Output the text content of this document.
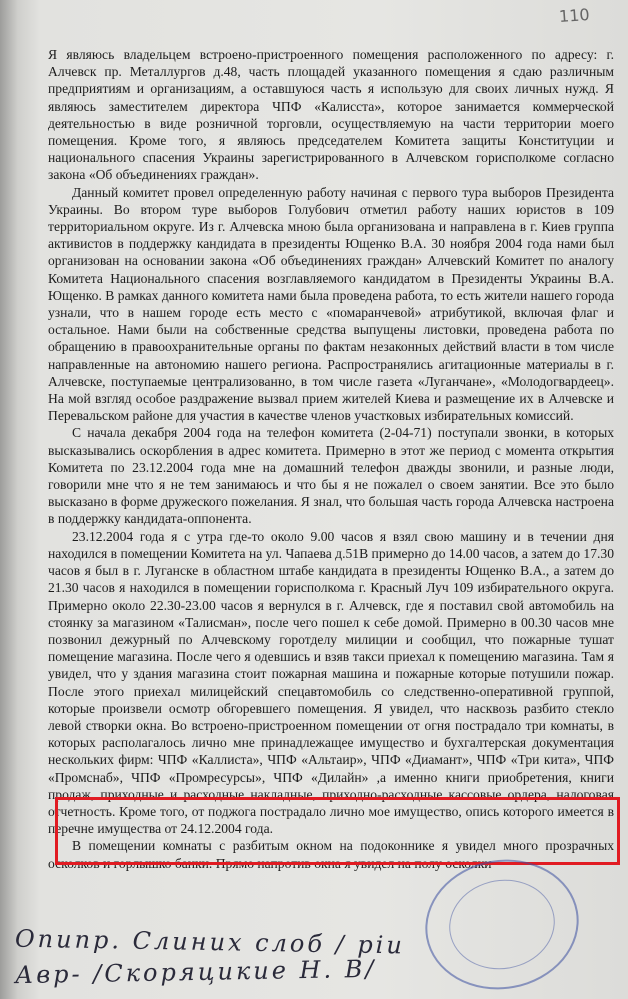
110

Я являюсь владельцем встроено-пристроенного помещения расположенного по адресу: г. Алчевск пр. Металлургов д.48, часть площадей указанного помещения я сдаю различным предприятиям и организациям, а оставшуюся часть я использую для своих личных нужд. Я являюсь заместителем директора ЧПФ «Калисста», которое занимается коммерческой деятельностью в виде розничной торговли, осуществляемую на части территории моего помещения. Кроме того, я являюсь председателем Комитета защиты Конституции и национального спасения Украины зарегистрированного в Алчевском горисполкоме согласно закона «Об объединениях граждан».

Данный комитет провел определенную работу начиная с первого тура выборов Президента Украины. Во втором туре выборов Голубович отметил работу наших юристов в 109 территориальном округе. Из г. Алчевска мною была организована и направлена в г. Киев группа активистов в поддержку кандидата в президенты Ющенко В.А. 30 ноября 2004 года нами был организован на основании закона «Об объединениях граждан» Алчевский Комитет по аналогу Комитета Национального спасения возглавляемого кандидатом в Президенты Украины В.А. Ющенко. В рамках данного комитета нами была проведена работа, то есть жители нашего города узнали, что в нашем городе есть место с «помаранчевой» атрибутикой, включая флаг и остальное. Нами были на собственные средства выпущены листовки, проведена работа по обращению в правоохранительные органы по фактам незаконных действий власти в том числе направленные на автономию нашего региона. Распространялись агитационные материалы в г. Алчевске, поступаемые централизованно, в том числе газета «Луганчане», «Молодогвардеец». На мой взгляд особое раздражение вызвал прием жителей Киева и размещение их в Алчевске и Перевальском районе для участия в качестве членов участковых избирательных комиссий.

С начала декабря 2004 года на телефон комитета (2-04-71) поступали звонки, в которых высказывались оскорбления в адрес комитета. Примерно в этот же период с момента открытия Комитета по 23.12.2004 года мне на домашний телефон дважды звонили, и разные люди, говорили мне что я не тем занимаюсь и что бы я не пожалел о своем занятии. Все это было высказано в форме дружеского пожелания. Я знал, что большая часть города Алчевска настроена в поддержку кандидата-оппонента.

23.12.2004 года я с утра где-то около 9.00 часов я взял свою машину и в течении дня находился в помещении Комитета на ул. Чапаева д.51В примерно до 14.00 часов, а затем до 17.30 часов я был в г. Луганске в областном штабе кандидата в президенты Ющенко В.А., а затем до 21.30 часов я находился в помещении горисполкома г. Красный Луч 109 избирательного округа. Примерно около 22.30-23.00 часов я вернулся в г. Алчевск, где я поставил свой автомобиль на стоянку за магазином «Талисман», после чего пошел к себе домой. Примерно в 00.30 часов мне позвонил дежурный по Алчевскому горотделу милиции и сообщил, что пожарные тушат помещение магазина. После чего я одевшись и взяв такси приехал к помещению магазина. Там я увидел, что у здания магазина стоит пожарная машина и пожарные которые потушили пожар. После этого приехал милицейский спецавтомобиль со следственно-оперативной группой, которые произвели осмотр обгоревшего помещения. Я увидел, что насквозь разбито стекло левой створки окна. Во встроено-пристроенном помещении от огня пострадало три комнаты, в которых располагалось лично мне принадлежащее имущество и бухгалтерская документация нескольких фирм: ЧПФ «Каллиста», ЧПФ «Альтаир», ЧПФ «Диамант», ЧПФ «Три кита», ЧПФ «Промснаб», ЧПФ «Промресурсы», ЧПФ «Дилайн» ,а именно книги приобретения, книги продаж, приходные и расходные накладные, приходно-расходные кассовые ордера, налоговая отчетность. Кроме того, от поджога пострадало лично мое имущество, опись которого имеется в перечне имущества от 24.12.2004 года.

В помещении комнаты с разбитым окном на подоконнике я увидел много прозрачных осколков и горлышко банки. Прямо напротив окна я увидел на полу осколки

Опипр. Слиних слоб / ріи
Авр- /Скоряцикие Н. В/
